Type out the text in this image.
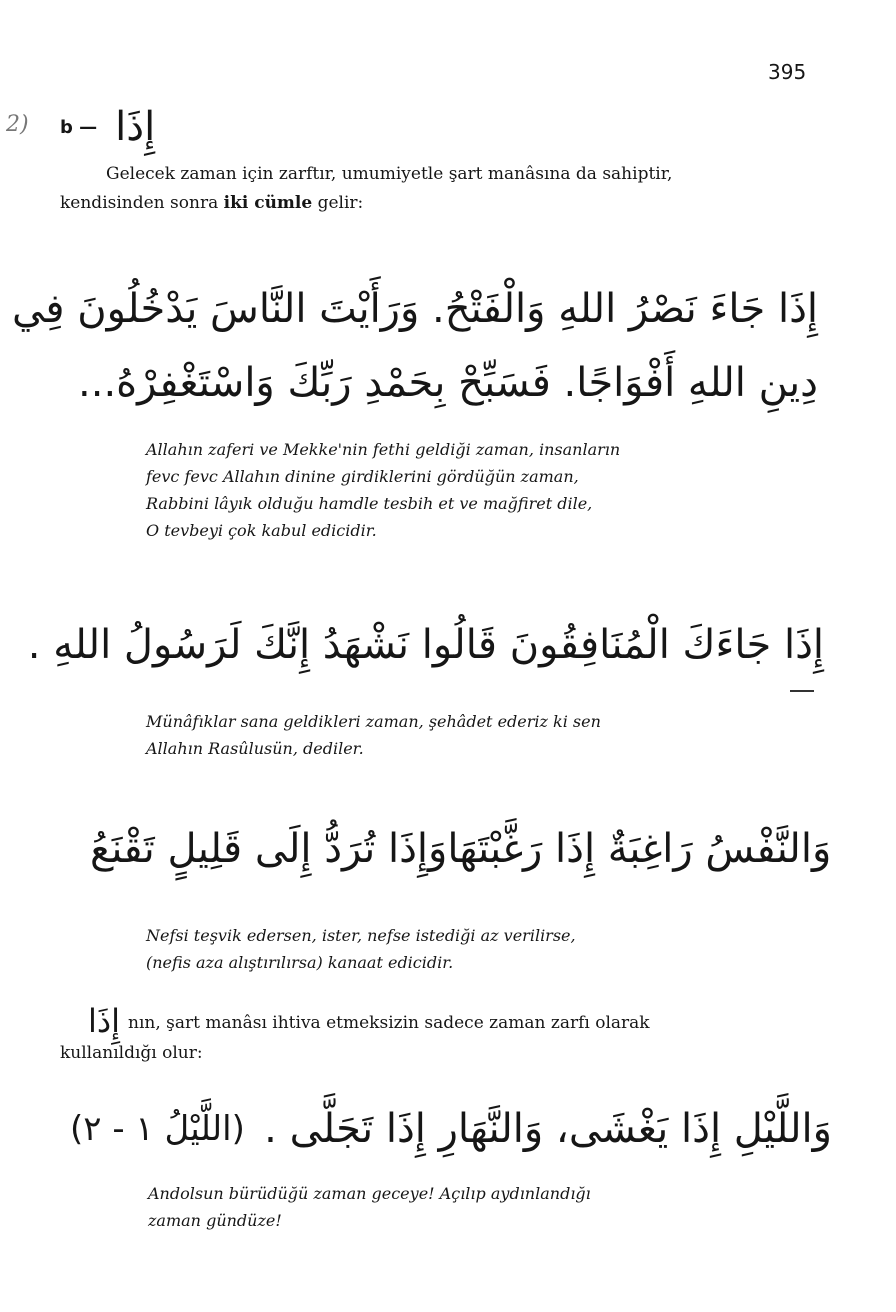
395
2) b — إِذَا
Gelecek zaman için zarftır, umumiyetle şart manâsına da sahiptir,
kendisinden sonra iki cümle gelir:
إِذَا جَاءَ نَصْرُ اللهِ وَالْفَتْحُ. وَرَأَيْتَ النَّاسَ يَدْخُلُونَ فِي
دِينِ اللهِ أَفْوَاجًا. فَسَبِّحْ بِحَمْدِ رَبِّكَ وَاسْتَغْفِرْهُ...
Allahın zaferi ve Mekke'nin fethi geldiği zaman, insanların
fevc fevc Allahın dinine girdiklerini gördüğün zaman,
Rabbini lâyık olduğu hamdle tesbih et ve mağfiret dile,
O tevbeyi çok kabul edicidir.
إِذَا جَاءَكَ الْمُنَافِقُونَ قَالُوا نَشْهَدُ إِنَّكَ لَرَسُولُ اللهِ .
Münâfıklar sana geldikleri zaman, şehâdet ederiz ki sen
Allahın Rasûlusün, dediler.
وَإِذَا تُرَدُّ إِلَى قَلِيلٍ تَقْنَعُ وَالنَّفْسُ رَاغِبَةٌ إِذَا رَغَّبْتَهَا
Nefsi teşvik edersen, ister, nefse istediği az verilirse,
(nefis aza alıştırılırsa) kanaat edicidir.
إِذَا nın, şart manâsı ihtiva etmeksizin sadece zaman zarfı olarak
kullanıldığı olur:
(اللَّيْلُ ١ - ٢) وَاللَّيْلِ إِذَا يَغْشَى، وَالنَّهَارِ إِذَا تَجَلَّى .
Andolsun bürüdüğü zaman geceye! Açılıp aydınlandığı
zaman gündüze!
